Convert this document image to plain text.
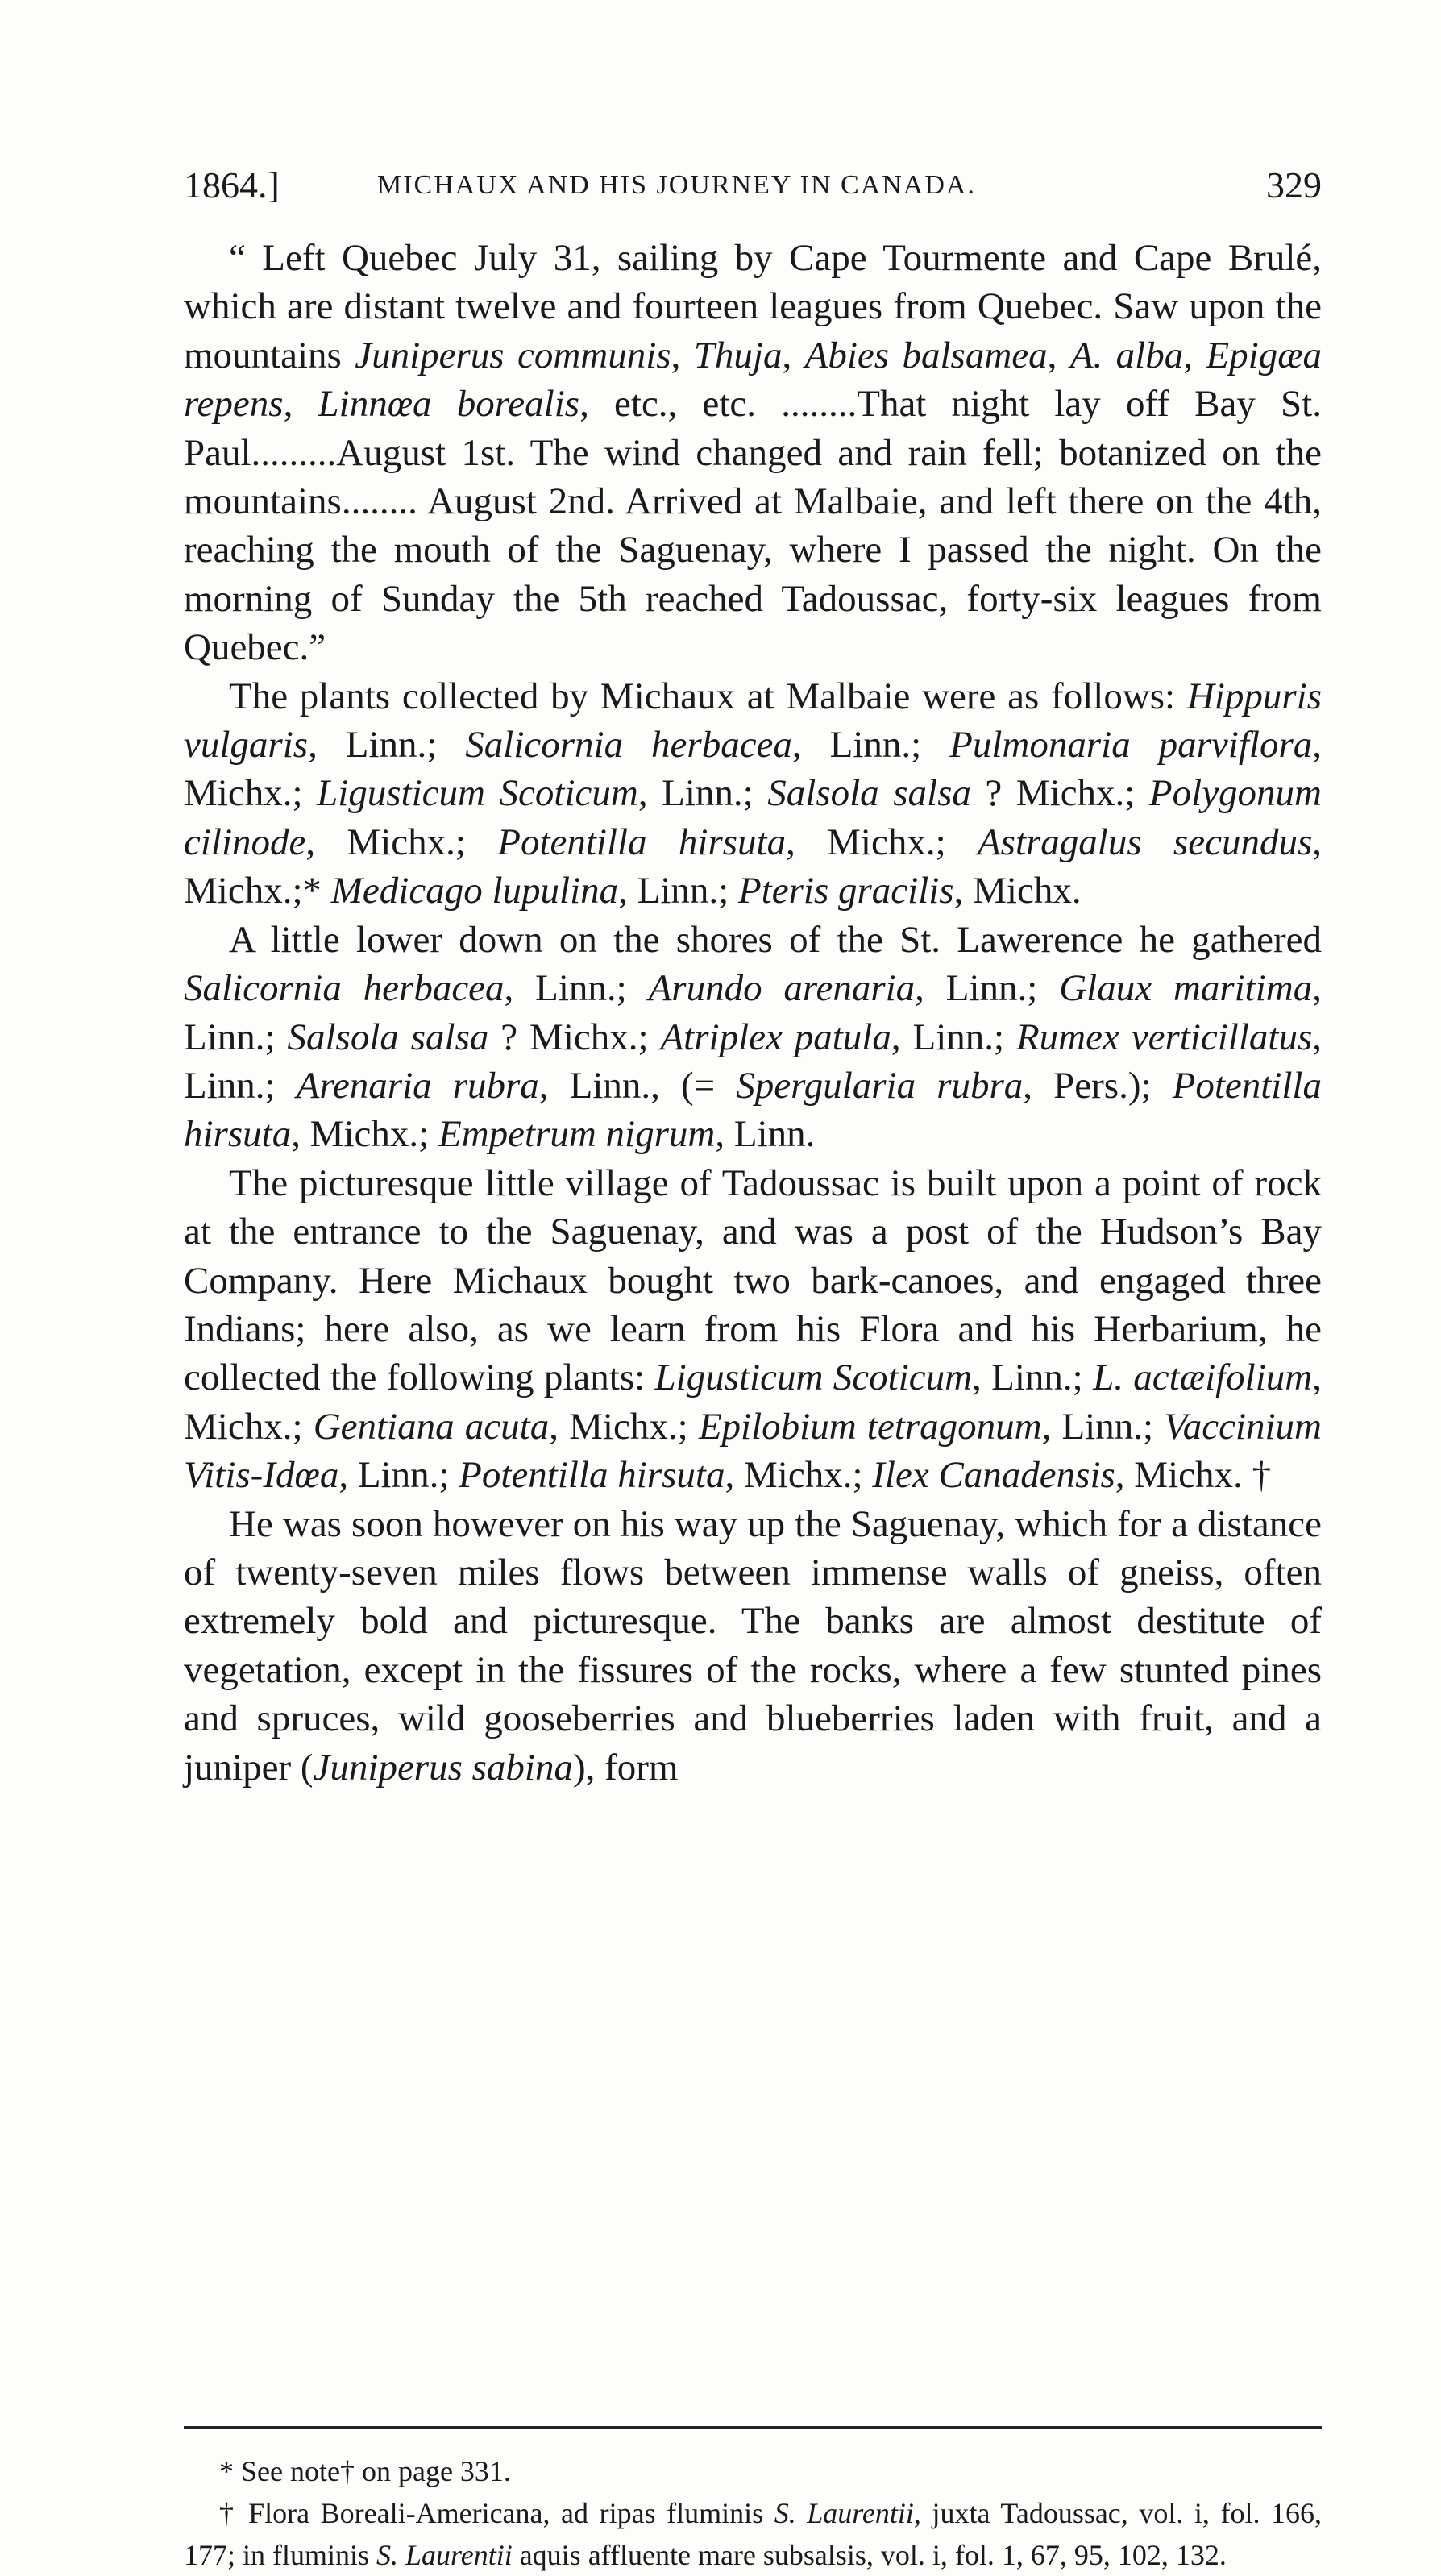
1864.]	MICHAUX AND HIS JOURNEY IN CANADA.	329

“ Left Quebec July 31, sailing by Cape Tourmente and Cape Brulé, which are distant twelve and fourteen leagues from Quebec. Saw upon the mountains Juniperus communis, Thuja, Abies balsamea, A. alba, Epigæa repens, Linnœa borealis, etc., etc. ........That night lay off Bay St. Paul.........August 1st. The wind changed and rain fell; botanized on the mountains........ August 2nd. Arrived at Malbaie, and left there on the 4th, reaching the mouth of the Saguenay, where I passed the night. On the morning of Sunday the 5th reached Tadoussac, forty-six leagues from Quebec.”

The plants collected by Michaux at Malbaie were as follows: Hippuris vulgaris, Linn.; Salicornia herbacea, Linn.; Pulmonaria parviflora, Michx.; Ligusticum Scoticum, Linn.; Salsola salsa ? Michx.; Polygonum cilinode, Michx.; Potentilla hirsuta, Michx.; Astragalus secundus, Michx.;* Medicago lupulina, Linn.; Pteris gracilis, Michx.

A little lower down on the shores of the St. Lawerence he gathered Salicornia herbacea, Linn.; Arundo arenaria, Linn.; Glaux maritima, Linn.; Salsola salsa ? Michx.; Atriplex patula, Linn.; Rumex verticillatus, Linn.; Arenaria rubra, Linn., (= Spergularia rubra, Pers.); Potentilla hirsuta, Michx.; Empetrum nigrum, Linn.

The picturesque little village of Tadoussac is built upon a point of rock at the entrance to the Saguenay, and was a post of the Hudson’s Bay Company. Here Michaux bought two bark-canoes, and engaged three Indians; here also, as we learn from his Flora and his Herbarium, he collected the following plants: Ligusticum Scoticum, Linn.; L. actæifolium, Michx.; Gentiana acuta, Michx.; Epilobium tetragonum, Linn.; Vaccinium Vitis-Idœa, Linn.; Potentilla hirsuta, Michx.; Ilex Canadensis, Michx. †

He was soon however on his way up the Saguenay, which for a distance of twenty-seven miles flows between immense walls of gneiss, often extremely bold and picturesque. The banks are almost destitute of vegetation, except in the fissures of the rocks, where a few stunted pines and spruces, wild gooseberries and blueberries laden with fruit, and a juniper (Juniperus sabina), form

* See note† on page 331.

† Flora Boreali-Americana, ad ripas fluminis S. Laurentii, juxta Tadoussac, vol. i, fol. 166, 177; in fluminis S. Laurentii aquis affluente mare subsalsis, vol. i, fol. 1, 67, 95, 102, 132.
